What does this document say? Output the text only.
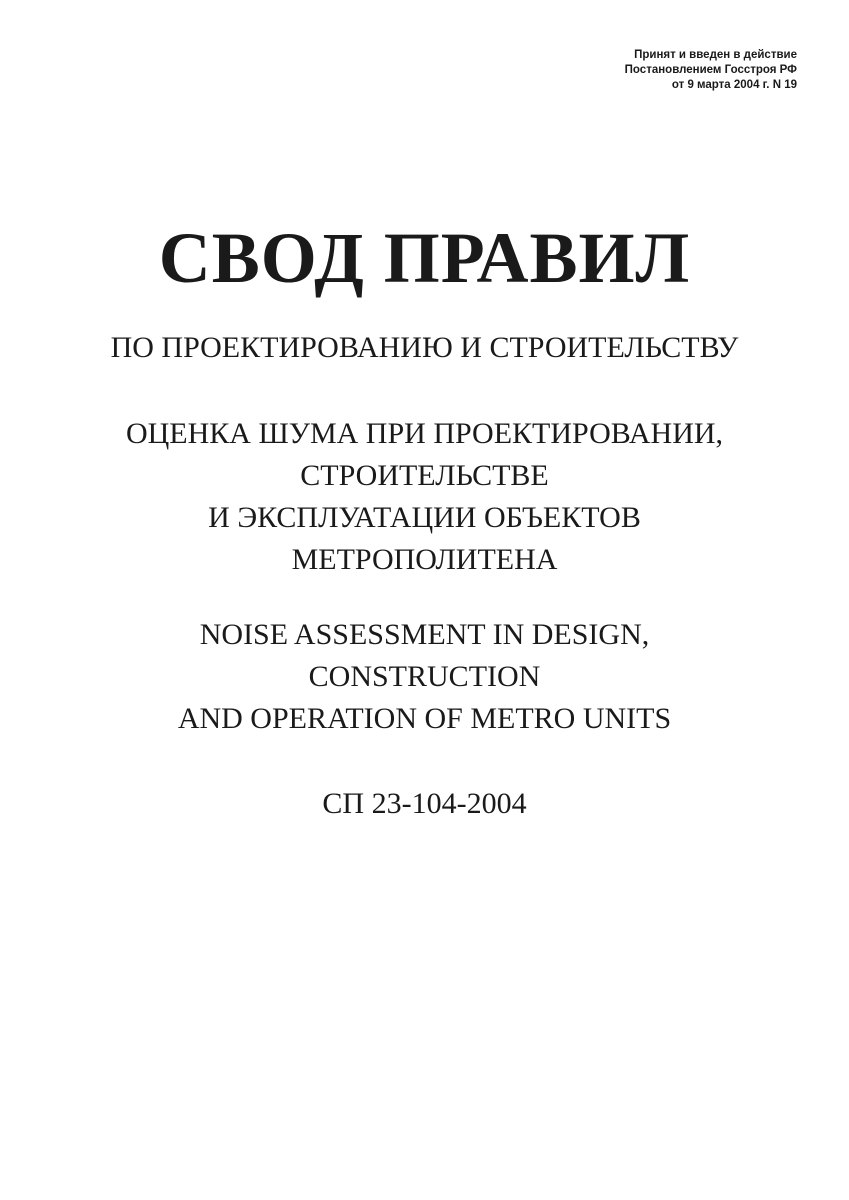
Принят и введен в действие
Постановлением Госстроя РФ
от 9 марта 2004 г. N 19
СВОД ПРАВИЛ
ПО ПРОЕКТИРОВАНИЮ И СТРОИТЕЛЬСТВУ
ОЦЕНКА ШУМА ПРИ ПРОЕКТИРОВАНИИ,
СТРОИТЕЛЬСТВЕ
И ЭКСПЛУАТАЦИИ ОБЪЕКТОВ
МЕТРОПОЛИТЕНА
NOISE ASSESSMENT IN DESIGN,
CONSTRUCTION
AND OPERATION OF METRO UNITS
СП 23-104-2004
